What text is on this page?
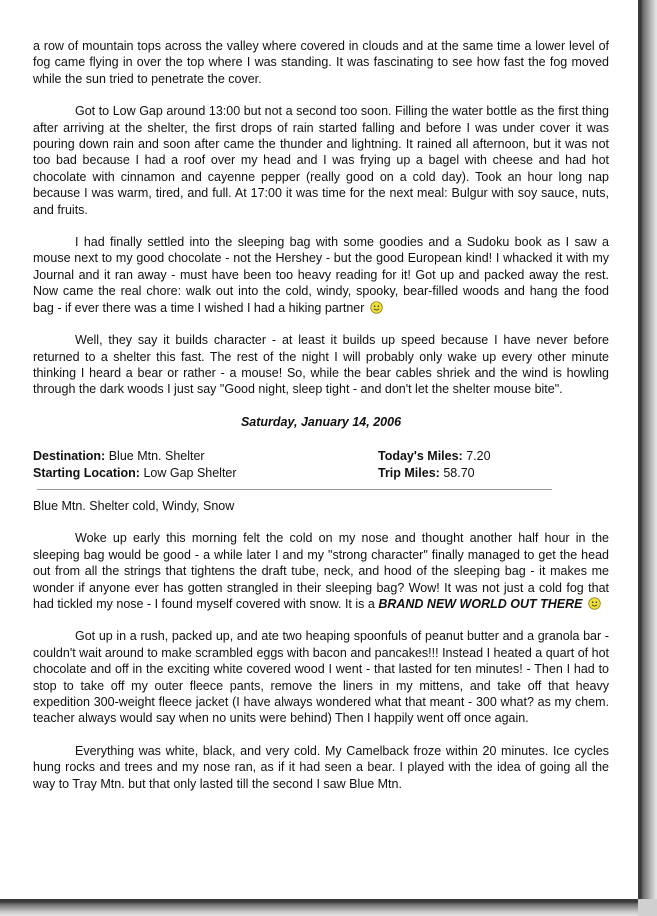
a row of mountain tops across the valley where covered in clouds and at the same time a lower level of fog came flying in over the top where I was standing. It was fascinating to see how fast the fog moved while the sun tried to penetrate the cover.

Got to Low Gap around 13:00 but not a second too soon. Filling the water bottle as the first thing after arriving at the shelter, the first drops of rain started falling and before I was under cover it was pouring down rain and soon after came the thunder and lightning. It rained all afternoon, but it was not too bad because I had a roof over my head and I was frying up a bagel with cheese and had hot chocolate with cinnamon and cayenne pepper (really good on a cold day). Took an hour long nap because I was warm, tired, and full. At 17:00 it was time for the next meal: Bulgur with soy sauce, nuts, and fruits.

I had finally settled into the sleeping bag with some goodies and a Sudoku book as I saw a mouse next to my good chocolate - not the Hershey - but the good European kind! I whacked it with my Journal and it ran away - must have been too heavy reading for it! Got up and packed away the rest. Now came the real chore: walk out into the cold, windy, spooky, bear-filled woods and hang the food bag - if ever there was a time I wished I had a hiking partner

Well, they say it builds character - at least it builds up speed because I have never before returned to a shelter this fast. The rest of the night I will probably only wake up every other minute thinking I heard a bear or rather - a mouse! So, while the bear cables shriek and the wind is howling through the dark woods I just say "Good night, sleep tight - and don't let the shelter mouse bite".

Saturday, January 14, 2006
Destination: Blue Mtn. Shelter
Starting Location: Low Gap Shelter
Today's Miles: 7.20
Trip Miles: 58.70
Blue Mtn. Shelter cold, Windy, Snow

Woke up early this morning felt the cold on my nose and thought another half hour in the sleeping bag would be good - a while later I and my "strong character" finally managed to get the head out from all the strings that tightens the draft tube, neck, and hood of the sleeping bag - it makes me wonder if anyone ever has gotten strangled in their sleeping bag? Wow! It was not just a cold fog that had tickled my nose - I found myself covered with snow. It is a BRAND NEW WORLD OUT THERE

Got up in a rush, packed up, and ate two heaping spoonfuls of peanut butter and a granola bar - couldn't wait around to make scrambled eggs with bacon and pancakes!!! Instead I heated a quart of hot chocolate and off in the exciting white covered wood I went - that lasted for ten minutes! - Then I had to stop to take off my outer fleece pants, remove the liners in my mittens, and take off that heavy expedition 300-weight fleece jacket (I have always wondered what that meant - 300 what? as my chem. teacher always would say when no units were behind) Then I happily went off once again.

Everything was white, black, and very cold. My Camelback froze within 20 minutes. Ice cycles hung rocks and trees and my nose ran, as if it had seen a bear. I played with the idea of going all the way to Tray Mtn. but that only lasted till the second I saw Blue Mtn.
